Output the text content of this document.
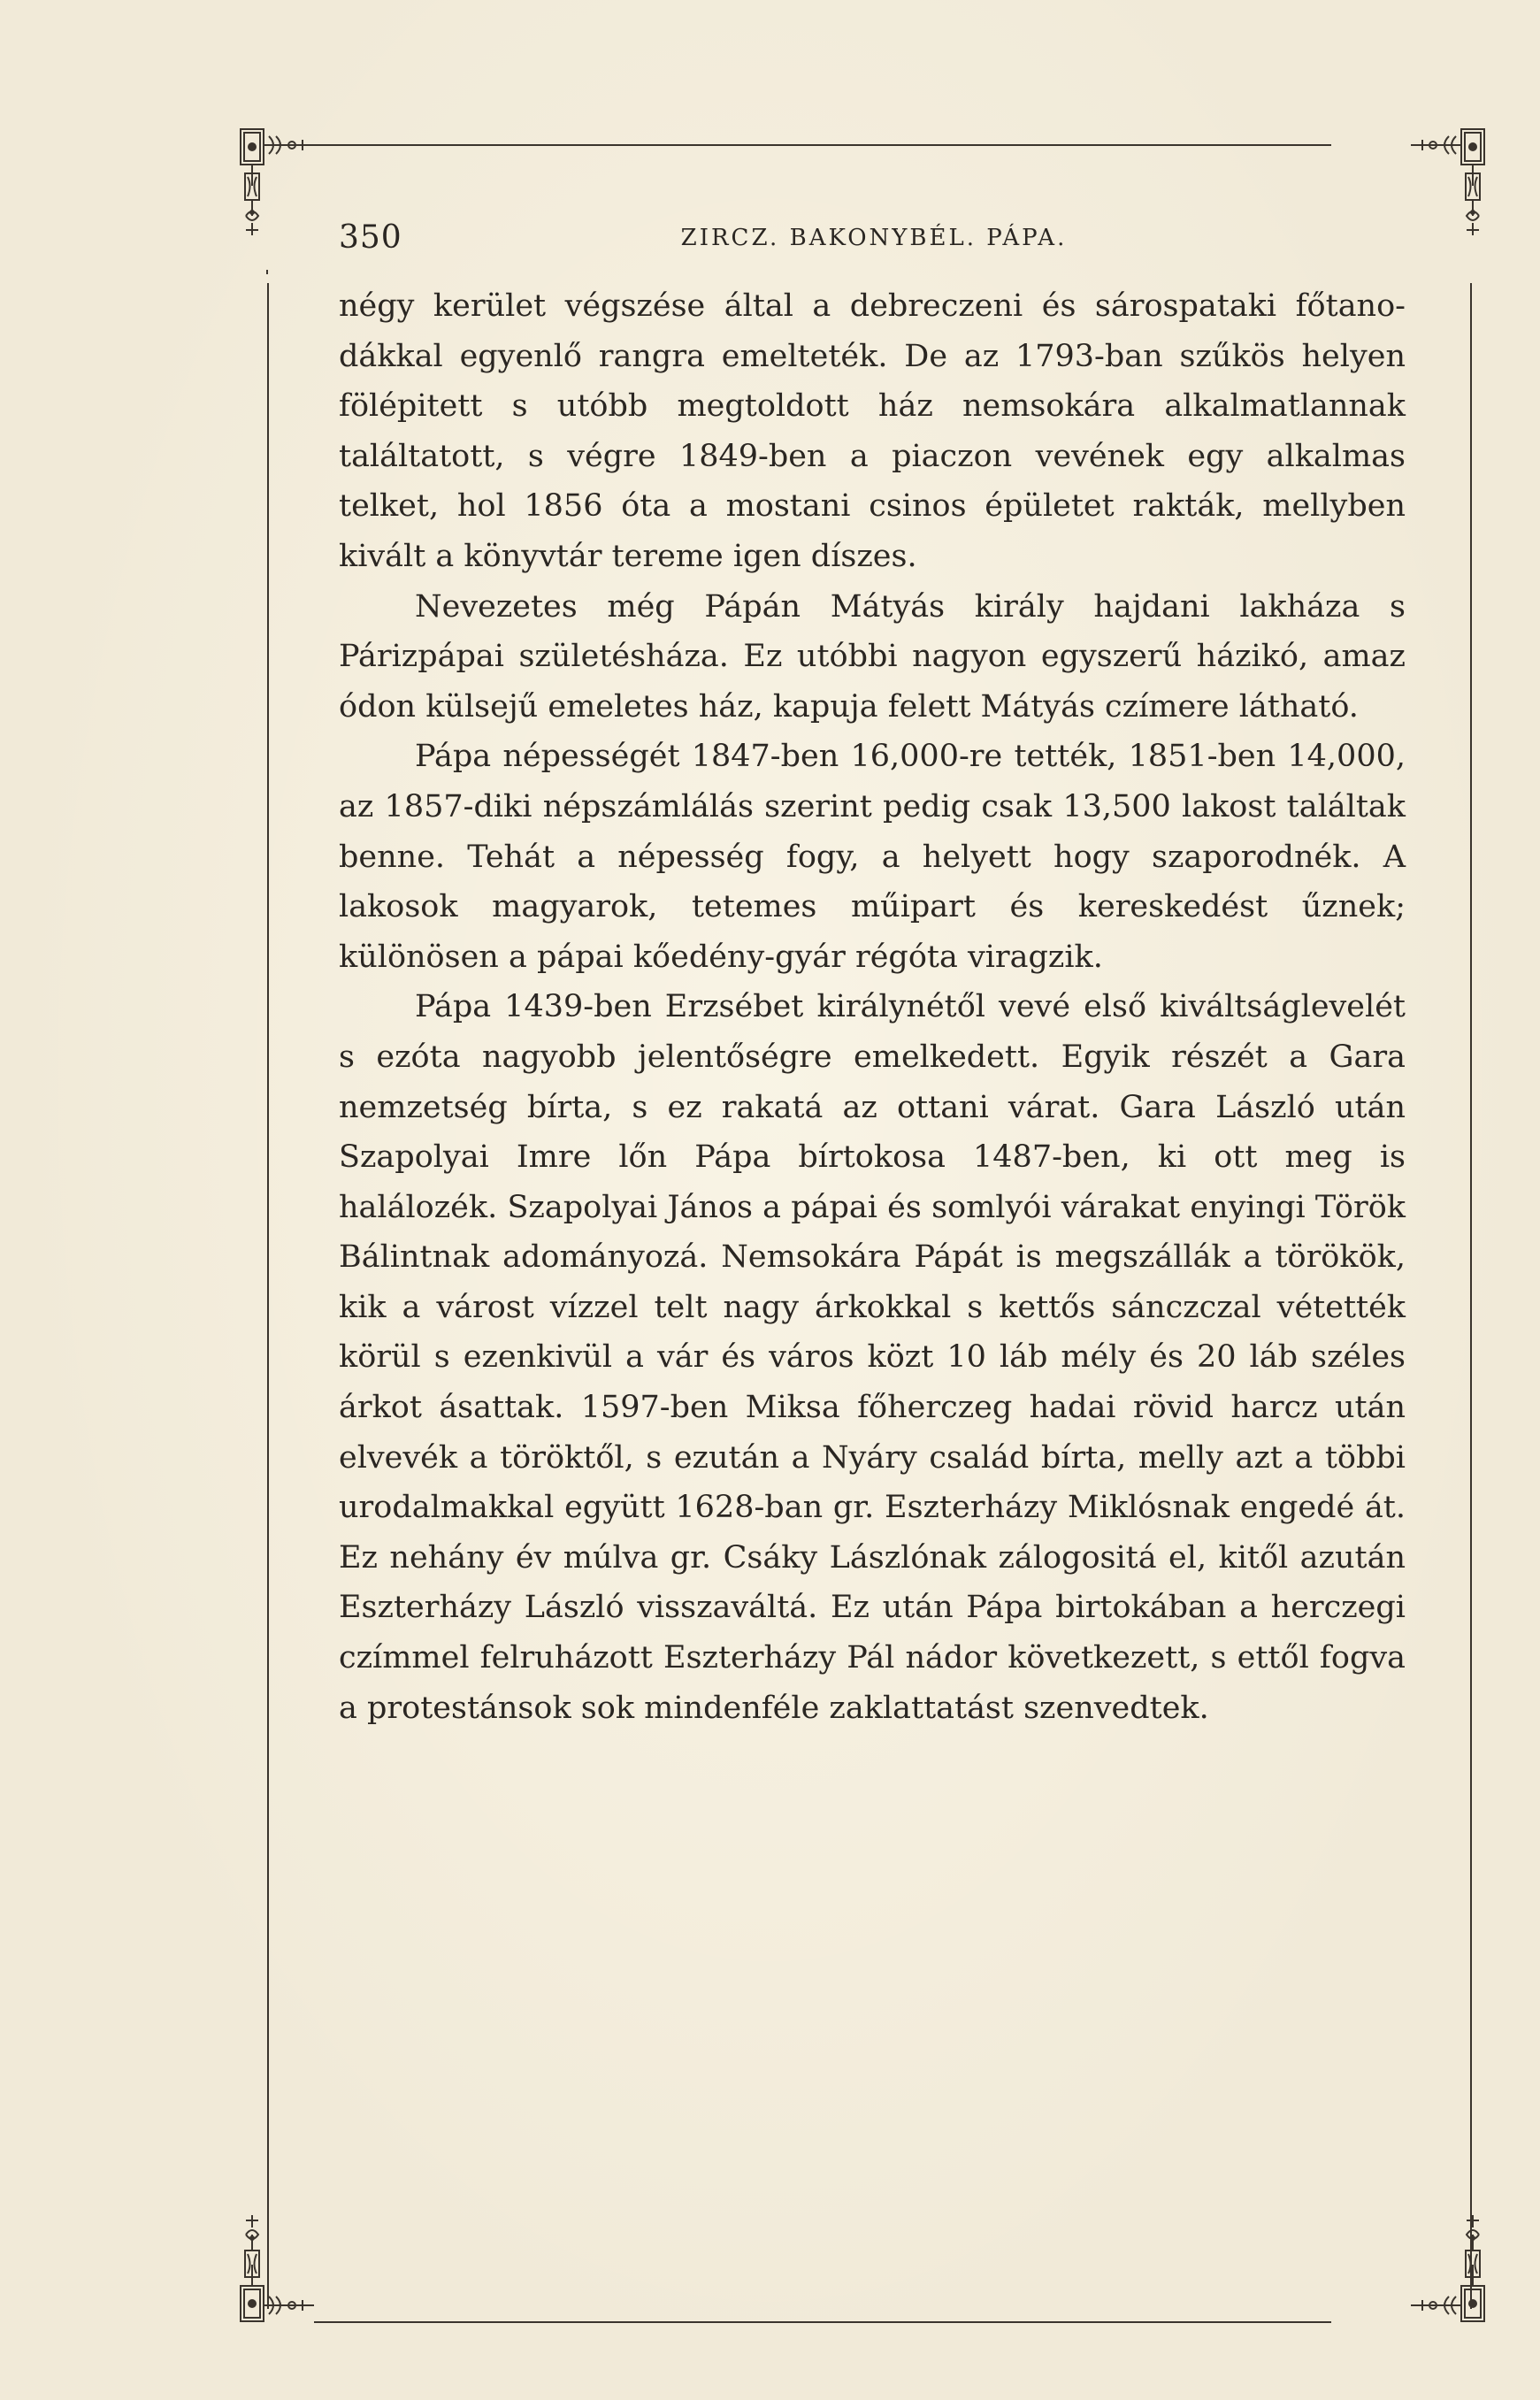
350	ZIRCZ. BAKONYBÉL. PÁPA.

négy kerület végszése által a debreczeni és sárospataki főtanodákkal egyenlő rangra emelteték. De az 1793-ban szűkös helyen fölépitett s utóbb megtoldott ház nemsokára alkalmatlannak találtatott, s végre 1849-ben a piaczon vevének egy alkalmas telket, hol 1856 óta a mostani csinos épületet rakták, mellyben kivált a könyvtár tereme igen díszes.

Nevezetes még Pápán Mátyás király hajdani lakháza s Párizpápai születésháza. Ez utóbbi nagyon egyszerű házikó, amaz ódon külsejű emeletes ház, kapuja felett Mátyás czímere látható.

Pápa népességét 1847-ben 16,000-re tették, 1851-ben 14,000, az 1857-diki népszámlálás szerint pedig csak 13,500 lakost találtak benne. Tehát a népesség fogy, a helyett hogy szaporodnék. A lakosok magyarok, tetemes műipart és kereskedést űznek; különösen a pápai kőedény-gyár régóta viragzik.

Pápa 1439-ben Erzsébet királynétől vevé első kiváltságlevelét s ezóta nagyobb jelentőségre emelkedett. Egyik részét a Gara nemzetség bírta, s ez rakatá az ottani várat. Gara László után Szapolyai Imre lőn Pápa bírtokosa 1487-ben, ki ott meg is halálozék. Szapolyai János a pápai és somlyói várakat enyingi Török Bálintnak adományozá. Nemsokára Pápát is megszállák a törökök, kik a várost vízzel telt nagy árkokkal s kettős sánczczal vétették körül s ezenkivül a vár és város közt 10 láb mély és 20 láb széles árkot ásattak. 1597-ben Miksa főherczeg hadai rövid harcz után elvevék a töröktől, s ezután a Nyáry család bírta, melly azt a többi urodalmakkal együtt 1628-ban gr. Eszterházy Miklósnak engedé át. Ez nehány év múlva gr. Csáky Lászlónak zálogositá el, kitől azután Eszterházy László visszaváltá. Ez után Pápa birtokában a herczegi czímmel felruházott Eszterházy Pál nádor következett, s ettől fogva a protestánsok sok mindenféle zaklattatást szenvedtek.
